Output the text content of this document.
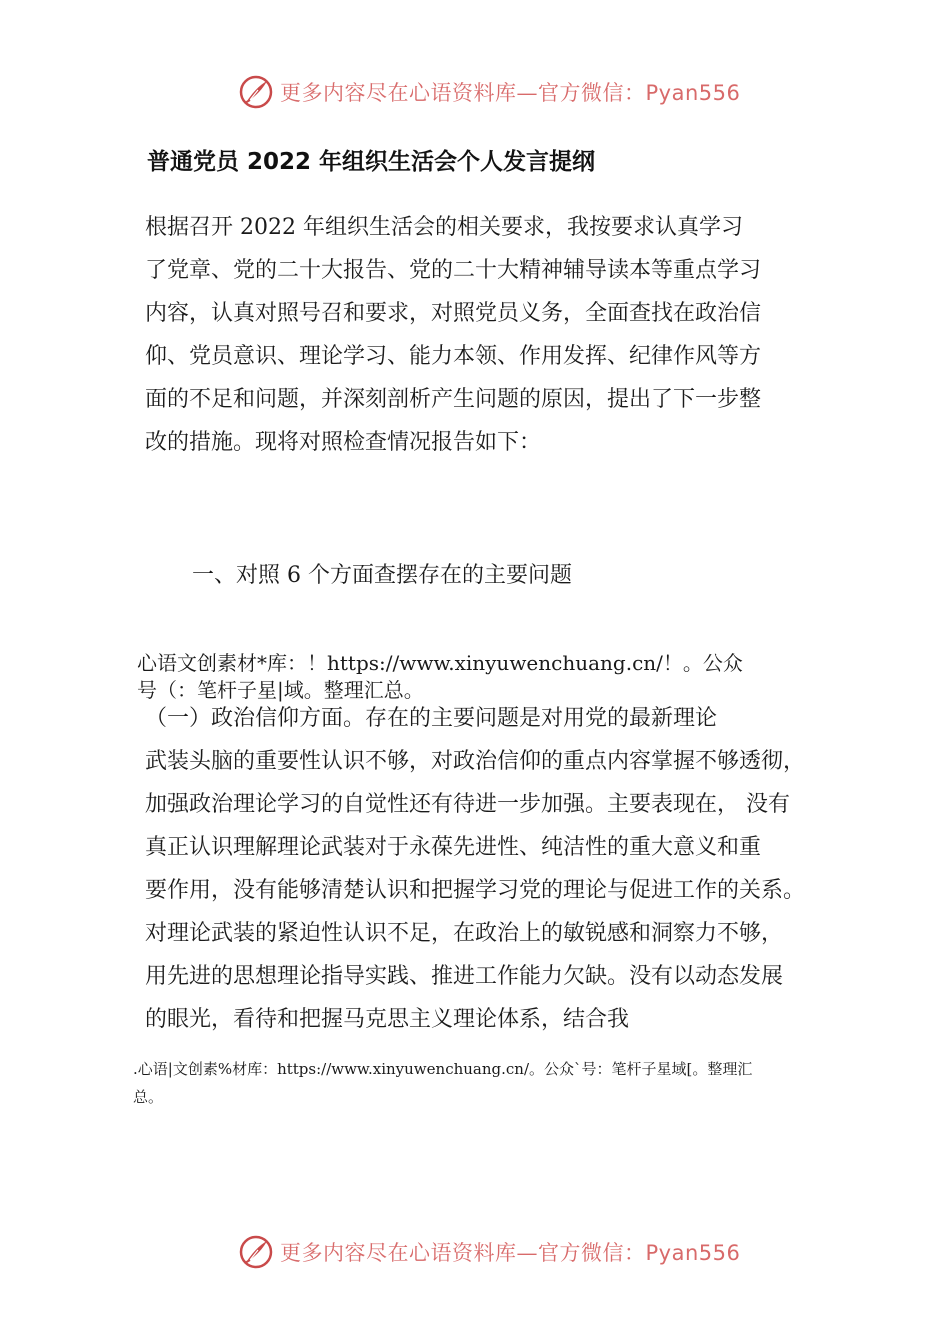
更多内容尽在心语资料库—官方微信：Pyan556
普通党员 2022 年组织生活会个人发言提纲
根据召开 2022 年组织生活会的相关要求，我按要求认真学习
了党章、党的二十大报告、党的二十大精神辅导读本等重点学习
内容，认真对照号召和要求，对照党员义务，全面查找在政治信
仰、党员意识、理论学习、能力本领、作用发挥、纪律作风等方
面的不足和问题，并深刻剖析产生问题的原因，提出了下一步整
改的措施。现将对照检查情况报告如下：
一、对照 6 个方面查摆存在的主要问题
心语文创素材*库：！https://www.xinyuwenchuang.cn/！。公众
号（：笔杆子星|域。整理汇总。
（一）政治信仰方面。存在的主要问题是对用党的最新理论
武装头脑的重要性认识不够，对政治信仰的重点内容掌握不够透彻，
加强政治理论学习的自觉性还有待进一步加强。主要表现在， 没有
真正认识理解理论武装对于永葆先进性、纯洁性的重大意义和重
要作用，没有能够清楚认识和把握学习党的理论与促进工作的关系。
对理论武装的紧迫性认识不足，在政治上的敏锐感和洞察力不够，
用先进的思想理论指导实践、推进工作能力欠缺。没有以动态发展
的眼光，看待和把握马克思主义理论体系，结合我
.心语|文创素%材库：https://www.xinyuwenchuang.cn/。公众`号：笔杆子星域[。整理汇
总。
更多内容尽在心语资料库—官方微信：Pyan556
